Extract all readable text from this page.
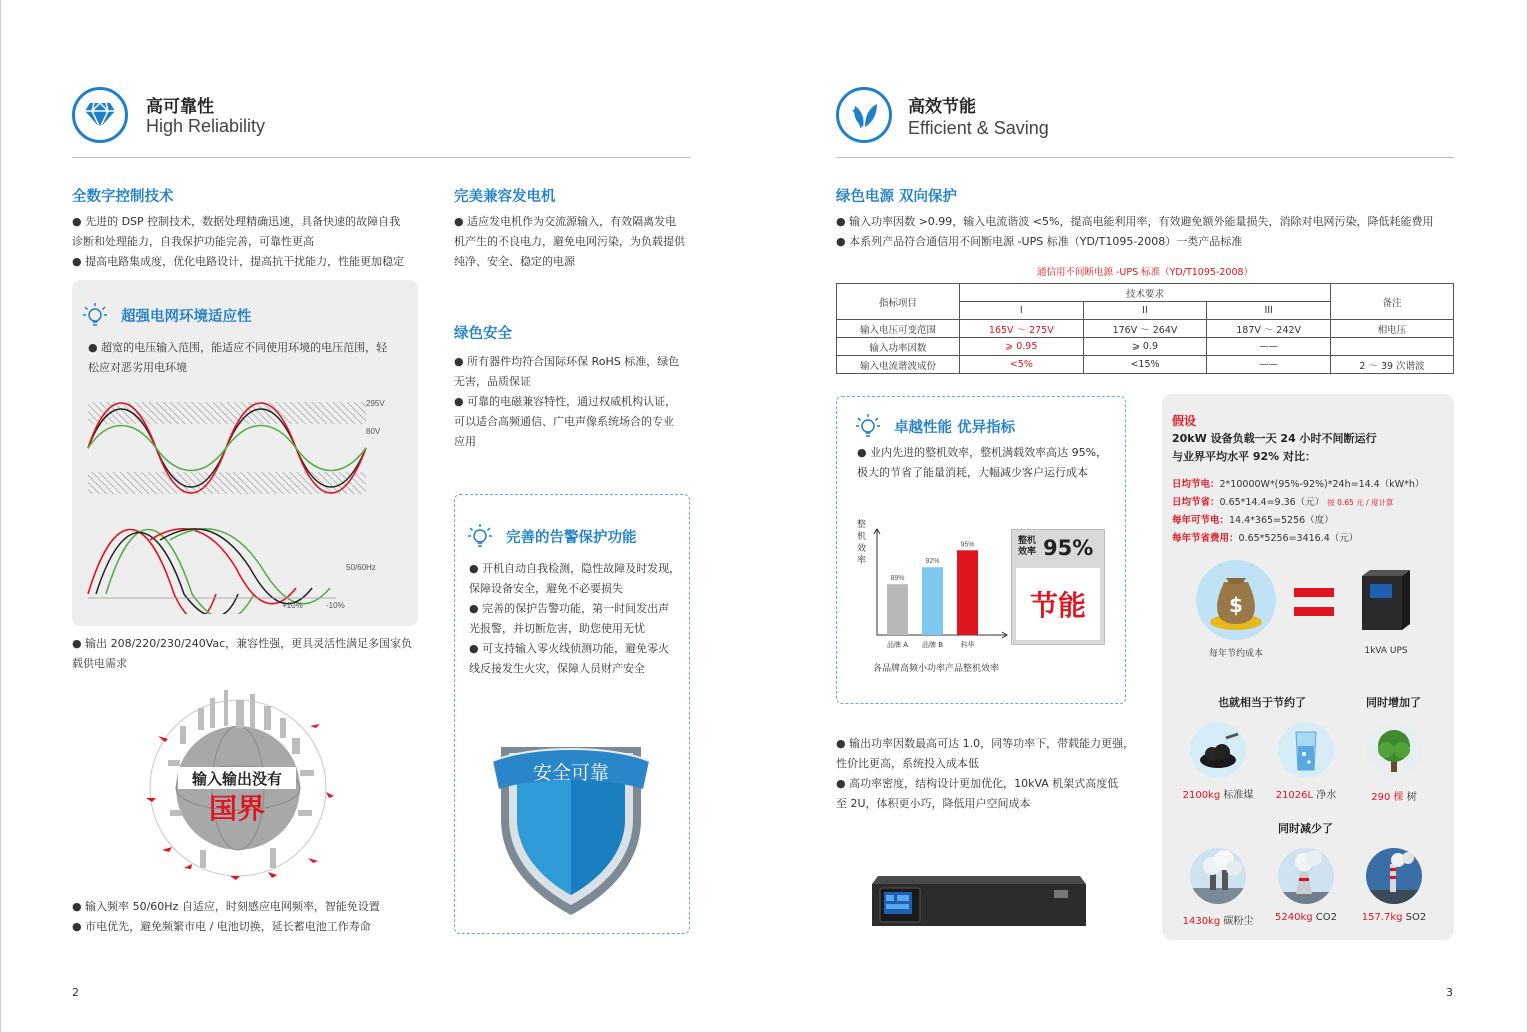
高可靠性
High Reliability
全数字控制技术

● 先进的 DSP 控制技术，数据处理精确迅速，具备快速的故障自我

诊断和处理能力，自我保护功能完善，可靠性更高

● 提高电路集成度，优化电路设计，提高抗干扰能力，性能更加稳定

超强电网环境适应性

● 超宽的电压输入范围，能适应不同使用环境的电压范围，轻

松应对恶劣用电环境

295V
80V
50/60Hz
+10%	-10%

● 输出 208/220/230/240Vac，兼容性强，更具灵活性满足多国家负

载供电需求

输入输出没有
国界

● 输入频率 50/60Hz 自适应，时刻感应电网频率，智能免设置

● 市电优先，避免频繁市电 / 电池切换，延长蓄电池工作寿命

完美兼容发电机

● 适应发电机作为交流源输入，有效隔离发电

机产生的不良电力，避免电网污染，为负载提供

纯净、安全、稳定的电源

绿色安全

● 所有器件均符合国际环保 RoHS 标准，绿色

无害，品质保证

● 可靠的电磁兼容特性，通过权威机构认证，

可以适合高频通信、广电声像系统场合的专业

应用

完善的告警保护功能

● 开机自动自我检测，隐性故障及时发现，

保障设备安全，避免不必要损失

● 完善的保护告警功能，第一时间发出声

光报警，并切断危害，助您使用无忧

● 可支持输入零火线侦测功能，避免零火

线反接发生火灾，保障人员财产安全

安全可靠
2
高效节能
Efficient & Saving
绿色电源 双向保护

● 输入功率因数 >0.99，输入电流谐波 <5%，提高电能利用率，有效避免额外能量损失，消除对电网污染，降低耗能费用

● 本系列产品符合通信用不间断电源 -UPS 标准（YD/T1095-2008）一类产品标准

通信用不间断电源 -UPS 标准（YD/T1095-2008）
指标项目	技术要求			备注
	I	II	III	
输入电压可变范围	165V ～ 275V	176V ～ 264V	187V ～ 242V	相电压
输入功率因数	⩾ 0.95	⩾ 0.9	——	
输入电流谐波成份	<5%	<15%	——	2 ～ 39 次谐波
卓越性能 优异指标

● 业内先进的整机效率，整机满载效率高达 95%，

极大的节省了能量消耗，大幅减少客户运行成本

整机效率
89%
品牌 A
92%
品牌 B
95%
科华
各品牌高频小功率产品整机效率
整机效率 95%
节能

● 输出功率因数最高可达 1.0，同等功率下，带载能力更强，

性价比更高，系统投入成本低

● 高功率密度，结构设计更加优化，10kVA 机架式高度低

至 2U，体积更小巧，降低用户空间成本

假设
20kW 设备负载一天 24 小时不间断运行
与业界平均水平 92% 对比：
日均节电：2*10000W*(95%-92%)*24h=14.4（kW*h）
日均节省：0.65*14.4=9.36（元） 按 0.65 元 / 度计算
每年可节电：14.4*365=5256（度）
每年节省费用：0.65*5256=3416.4（元）
$
每年节约成本	1kVA UPS
也就相当于节约了	同时增加了
2100kg 标准煤	21026L 净水	290 棵 树
同时减少了
1430kg 碳粉尘	5240kg CO2	157.7kg SO2
3
